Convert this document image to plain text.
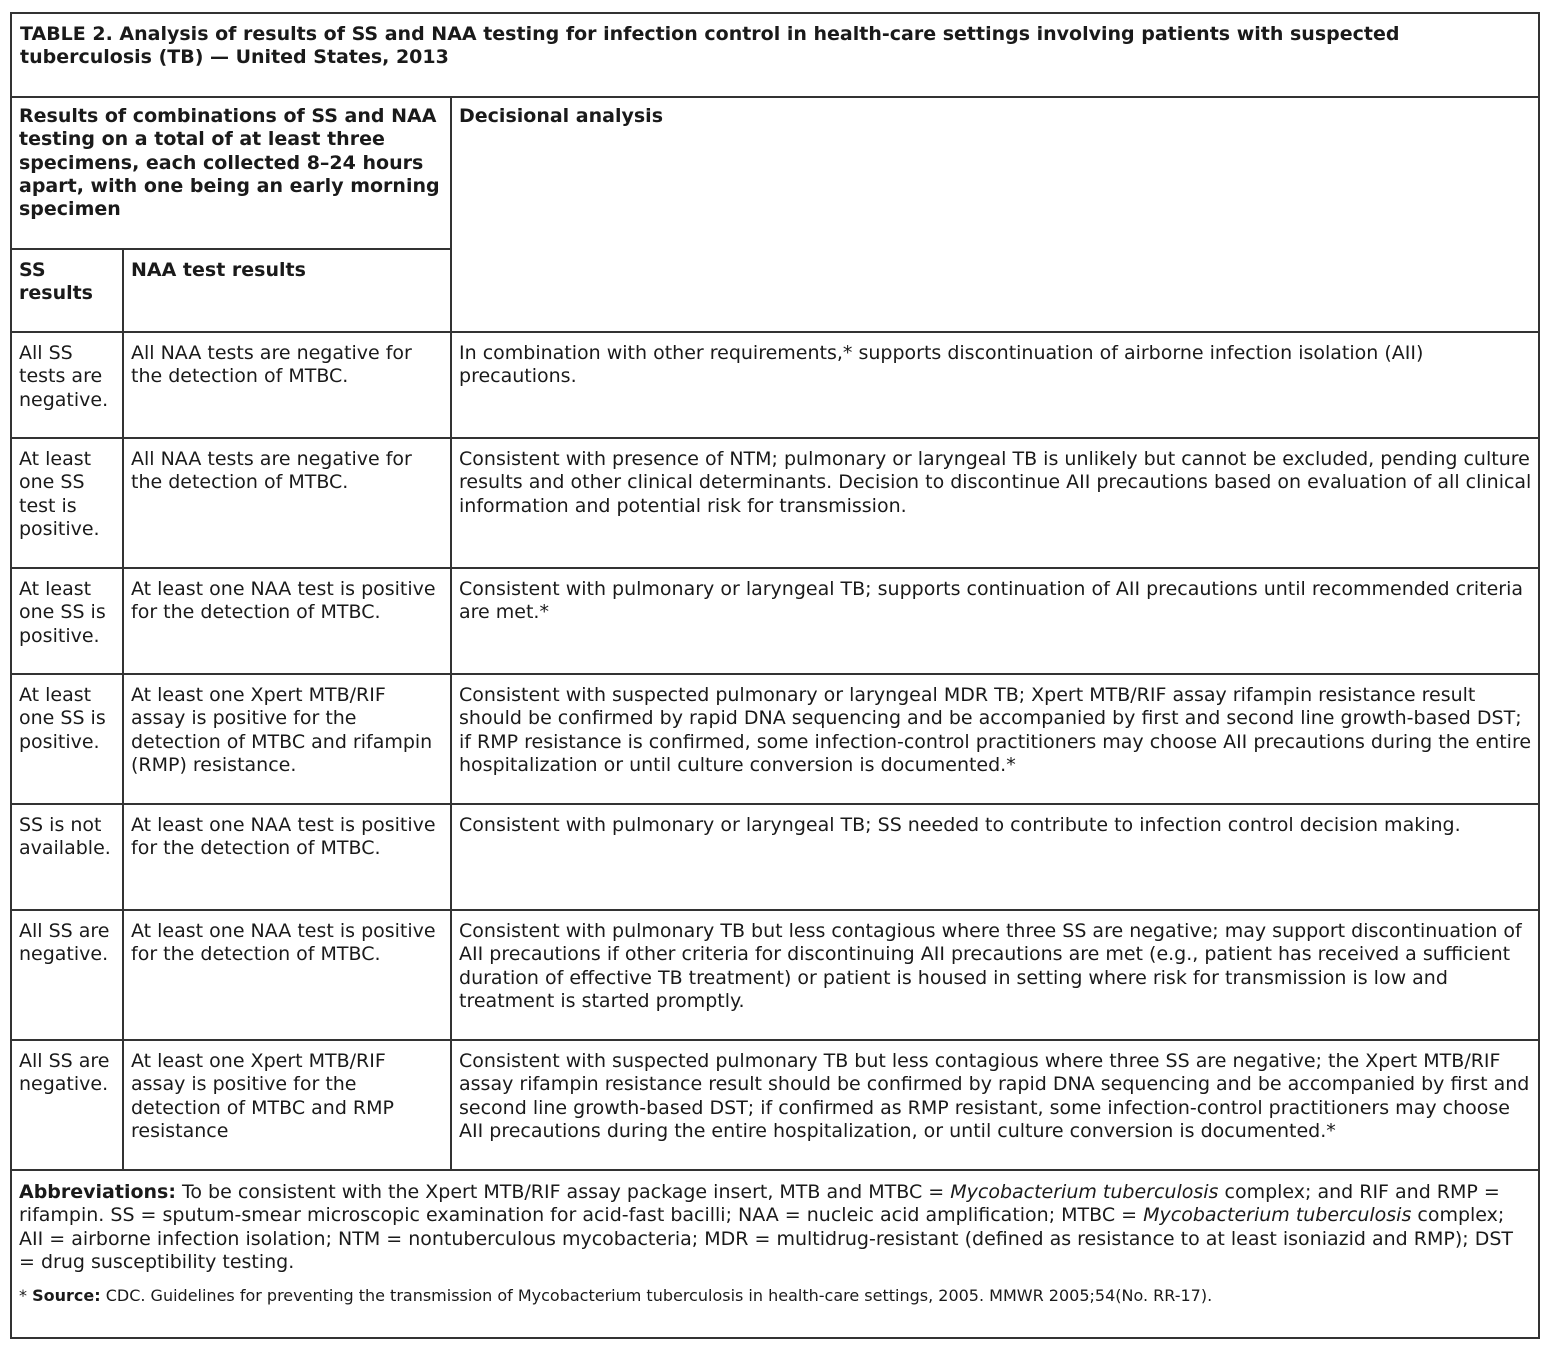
TABLE 2. Analysis of results of SS and NAA testing for infection control in health-care settings involving patients with suspected tuberculosis (TB) — United States, 2013
Results of combinations of SS and NAA testing on a total of at least three specimens, each collected 8–24 hours apart, with one being an early morning specimen		Decisional analysis
SS results	NAA test results	
All SS tests are negative.	All NAA tests are negative for the detection of MTBC.	In combination with other requirements,* supports discontinuation of airborne infection isolation (AII) precautions.
At least one SS test is positive.	All NAA tests are negative for the detection of MTBC.	Consistent with presence of NTM; pulmonary or laryngeal TB is unlikely but cannot be excluded, pending culture results and other clinical determinants. Decision to discontinue AII precautions based on evaluation of all clinical information and potential risk for transmission.
At least one SS is positive.	At least one NAA test is positive for the detection of MTBC.	Consistent with pulmonary or laryngeal TB; supports continuation of AII precautions until recommended criteria are met.*
At least one SS is positive.	At least one Xpert MTB/RIF assay is positive for the detection of MTBC and rifampin (RMP) resistance.	Consistent with suspected pulmonary or laryngeal MDR TB; Xpert MTB/RIF assay rifampin resistance result should be confirmed by rapid DNA sequencing and be accompanied by first and second line growth-based DST; if RMP resistance is confirmed, some infection-control practitioners may choose AII precautions during the entire hospitalization or until culture conversion is documented.*
SS is not available.	At least one NAA test is positive for the detection of MTBC.	Consistent with pulmonary or laryngeal TB; SS needed to contribute to infection control decision making.
All SS are negative.	At least one NAA test is positive for the detection of MTBC.	Consistent with pulmonary TB but less contagious where three SS are negative; may support discontinuation of AII precautions if other criteria for discontinuing AII precautions are met (e.g., patient has received a sufficient duration of effective TB treatment) or patient is housed in setting where risk for transmission is low and treatment is started promptly.
All SS are negative.	At least one Xpert MTB/RIF assay is positive for the detection of MTBC and RMP resistance	Consistent with suspected pulmonary TB but less contagious where three SS are negative; the Xpert MTB/RIF assay rifampin resistance result should be confirmed by rapid DNA sequencing and be accompanied by first and second line growth-based DST; if confirmed as RMP resistant, some infection-control practitioners may choose AII precautions during the entire hospitalization, or until culture conversion is documented.*

Abbreviations: To be consistent with the Xpert MTB/RIF assay package insert, MTB and MTBC = Mycobacterium tuberculosis complex; and RIF and RMP = rifampin. SS = sputum-smear microscopic examination for acid-fast bacilli; NAA = nucleic acid amplification; MTBC = Mycobacterium tuberculosis complex; AII = airborne infection isolation; NTM = nontuberculous mycobacteria; MDR = multidrug-resistant (defined as resistance to at least isoniazid and RMP); DST = drug susceptibility testing.

* Source: CDC. Guidelines for preventing the transmission of Mycobacterium tuberculosis in health-care settings, 2005. MMWR 2005;54(No. RR-17).
